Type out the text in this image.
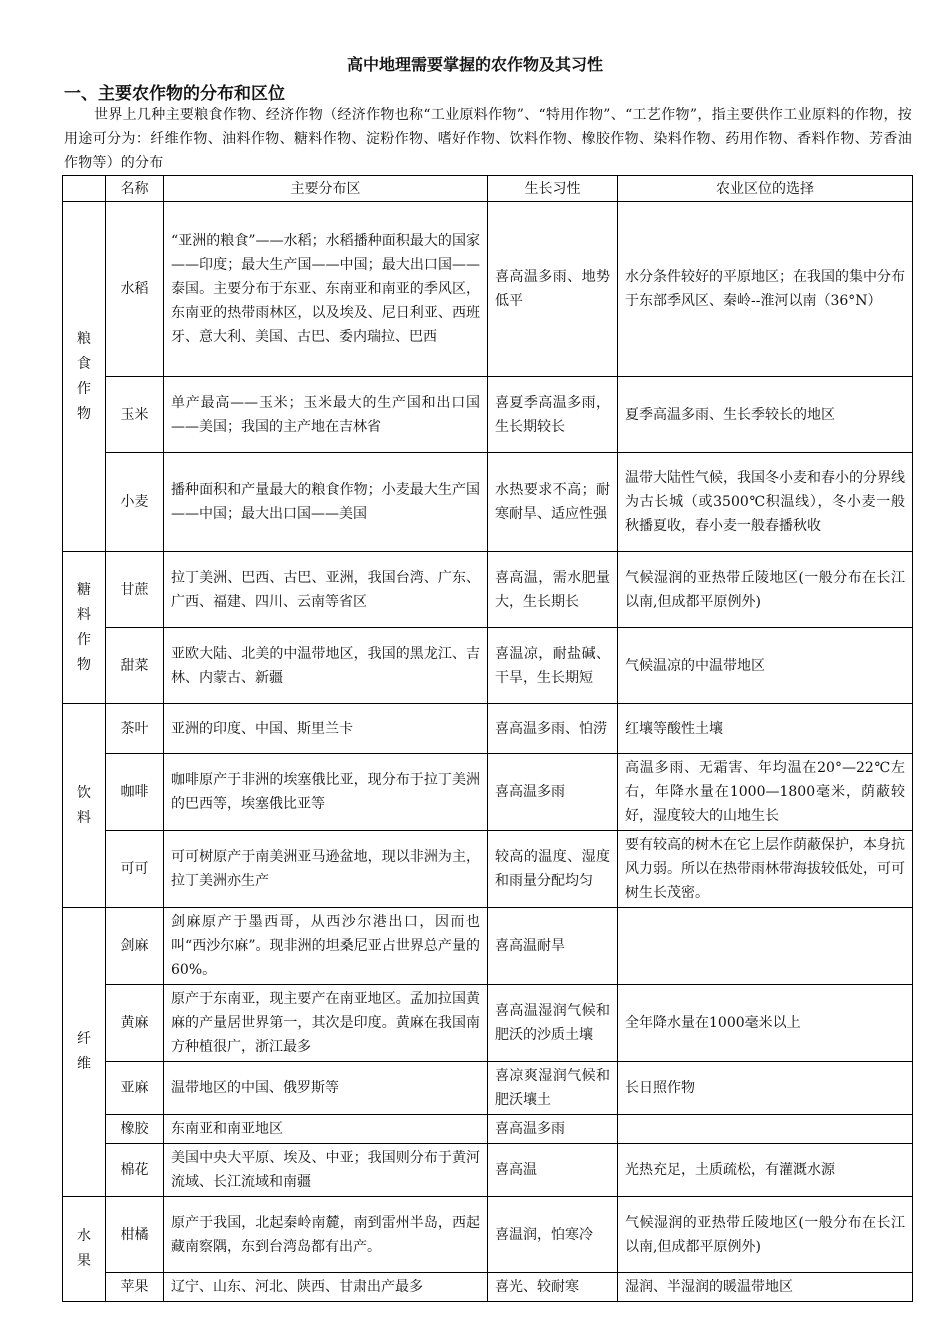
高中地理需要掌握的农作物及其习性
一、主要农作物的分布和区位
世界上几种主要粮食作物、经济作物（经济作物也称“工业原料作物”、“特用作物”、“工艺作物”，指主要供作工业原料的作物，按用途可分为：纤维作物、油料作物、糖料作物、淀粉作物、嗜好作物、饮料作物、橡胶作物、染料作物、药用作物、香料作物、芳香油作物等）的分布
	名称	主要分布区	生长习性	农业区位的选择

粮食作物	水稻	“亚洲的粮食”——水稻；水稻播种面积最大的国家——印度；最大生产国——中国；最大出口国——泰国。主要分布于东亚、东南亚和南亚的季风区，东南亚的热带雨林区，以及埃及、尼日利亚、西班牙、意大利、美国、古巴、委内瑞拉、巴西	喜高温多雨、地势低平	水分条件较好的平原地区；在我国的集中分布于东部季风区、秦岭--淮河以南（36°N）
	玉米	单产最高——玉米；玉米最大的生产国和出口国——美国；我国的主产地在吉林省	喜夏季高温多雨，生长期较长	夏季高温多雨、生长季较长的地区
	小麦	播种面积和产量最大的粮食作物；小麦最大生产国——中国；最大出口国——美国	水热要求不高；耐寒耐旱、适应性强	温带大陆性气候，我国冬小麦和春小的分界线为古长城（或3500℃积温线），冬小麦一般秋播夏收，春小麦一般春播秋收

糖料作物	甘蔗	拉丁美洲、巴西、古巴、亚洲，我国台湾、广东、广西、福建、四川、云南等省区	喜高温，需水肥量大，生长期长	气候湿润的亚热带丘陵地区(一般分布在长江以南,但成都平原例外)
	甜菜	亚欧大陆、北美的中温带地区，我国的黑龙江、吉林、内蒙古、新疆	喜温凉，耐盐碱、干旱，生长期短	气候温凉的中温带地区

饮料	茶叶	亚洲的印度、中国、斯里兰卡	喜高温多雨、怕涝	红壤等酸性土壤
	咖啡	咖啡原产于非洲的埃塞俄比亚，现分布于拉丁美洲的巴西等，埃塞俄比亚等	喜高温多雨	高温多雨、无霜害、年均温在20°—22℃左右，年降水量在1000—1800毫米，荫蔽较好，湿度较大的山地生长
	可可	可可树原产于南美洲亚马逊盆地，现以非洲为主，拉丁美洲亦生产	较高的温度、湿度和雨量分配均匀	要有较高的树木在它上层作荫蔽保护，本身抗风力弱。所以在热带雨林带海拔较低处，可可树生长茂密。

纤维	剑麻	剑麻原产于墨西哥，从西沙尔港出口，因而也叫“西沙尔麻”。现非洲的坦桑尼亚占世界总产量的60%。	喜高温耐旱	
	黄麻	原产于东南亚，现主要产在南亚地区。孟加拉国黄麻的产量居世界第一，其次是印度。黄麻在我国南方种植很广，浙江最多	喜高温湿润气候和肥沃的沙质土壤	全年降水量在1000毫米以上
	亚麻	温带地区的中国、俄罗斯等	喜凉爽湿润气候和肥沃壤土	长日照作物
	橡胶	东南亚和南亚地区	喜高温多雨	
	棉花	美国中央大平原、埃及、中亚；我国则分布于黄河流域、长江流域和南疆	喜高温	光热充足，土质疏松，有灌溉水源

水果	柑橘	原产于我国，北起秦岭南麓，南到雷州半岛，西起藏南察隅，东到台湾岛都有出产。	喜温润，怕寒冷	气候湿润的亚热带丘陵地区(一般分布在长江以南,但成都平原例外)
	苹果	辽宁、山东、河北、陕西、甘肃出产最多	喜光、较耐寒	湿润、半湿润的暖温带地区
